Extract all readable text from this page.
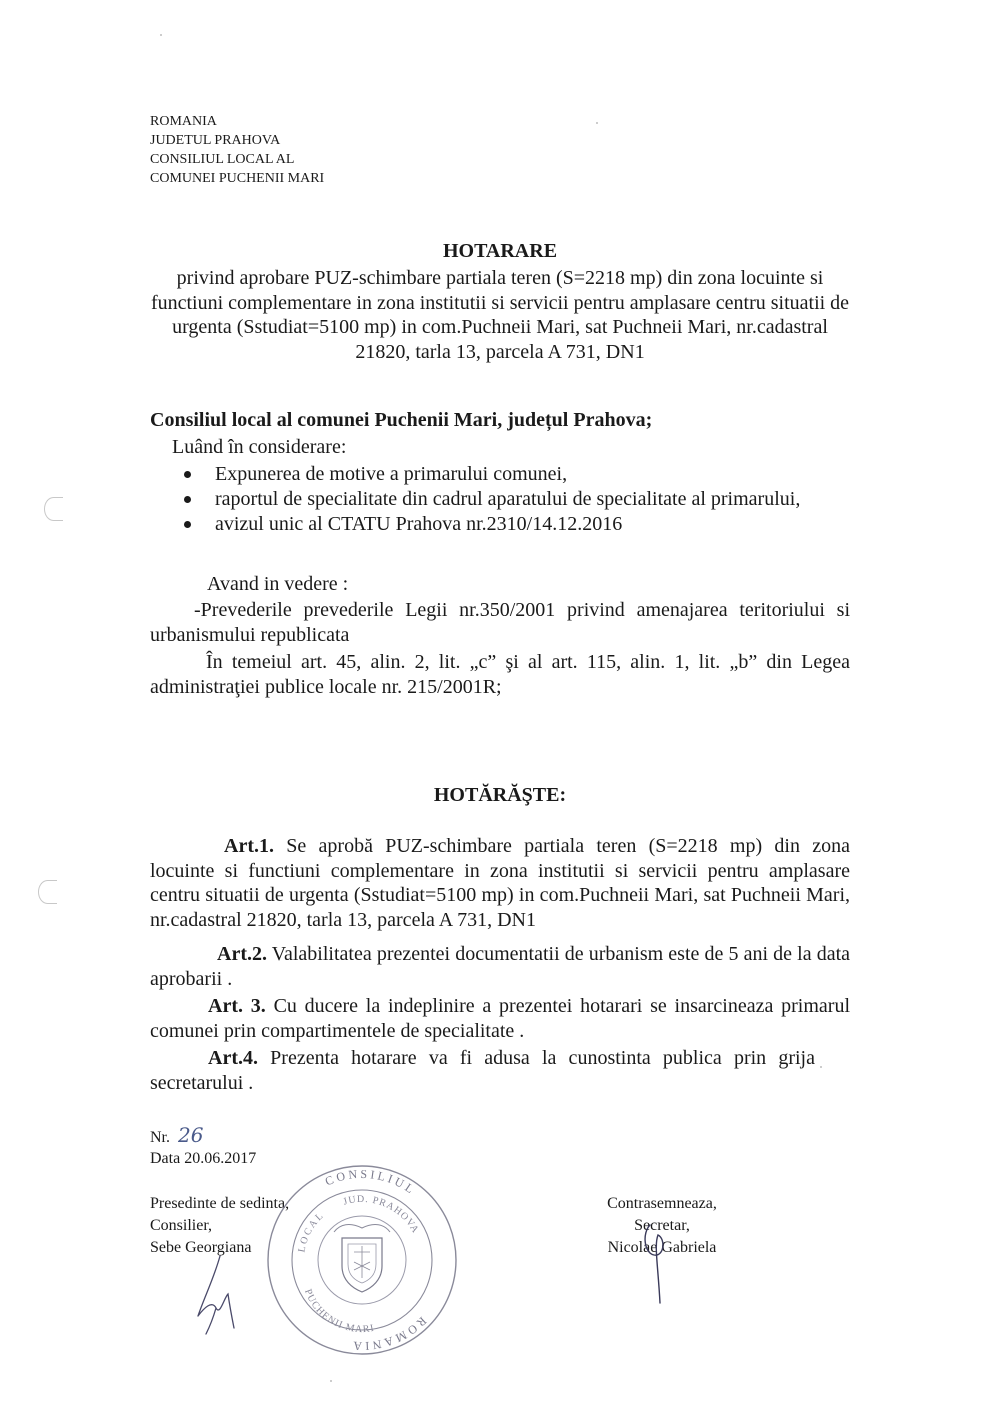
ROMANIA
JUDETUL PRAHOVA
CONSILIUL LOCAL AL
COMUNEI PUCHENII MARI
HOTARARE
privind aprobare PUZ-schimbare partiala teren (S=2218 mp) din zona locuinte si functiuni complementare in zona institutii si servicii pentru amplasare centru situatii de urgenta (Sstudiat=5100 mp) in com.Puchneii Mari, sat Puchneii Mari, nr.cadastral 21820, tarla 13, parcela A 731, DN1
Consiliul local al comunei Puchenii Mari, județul Prahova;
Luând în considerare:
Expunerea de motive a primarului comunei,
raportul de specialitate din cadrul aparatului de specialitate al primarului,
avizul unic al CTATU Prahova nr.2310/14.12.2016
Avand in vedere :
-Prevederile prevederile Legii nr.350/2001 privind amenajarea teritoriului si urbanismului republicata
În temeiul art. 45, alin. 2, lit. „c” şi al art. 115, alin. 1, lit. „b” din Legea administraţiei publice locale nr. 215/2001R;
HOTĂRĂŞTE:
Art.1. Se aprobă PUZ-schimbare partiala teren (S=2218 mp) din zona locuinte si functiuni complementare in zona institutii si servicii pentru amplasare centru situatii de urgenta (Sstudiat=5100 mp) in com.Puchneii Mari, sat Puchneii Mari, nr.cadastral 21820, tarla 13, parcela A 731, DN1
Art.2. Valabilitatea prezentei documentatii de urbanism este de 5 ani de la data aprobarii .
Art. 3. Cu ducere la indeplinire a prezentei hotarari se insarcineaza primarul comunei prin compartimentele de specialitate .
Art.4. Prezenta hotarare va fi adusa la cunostinta publica prin grija secretarului .
Nr. 26
Data 20.06.2017
Presedinte de sedinta,
Consilier,
Sebe Georgiana
Contrasemneaza,
Secretar,
Nicolae Gabriela
CONSILIUL
ROMANIA
JUD. PRAHOVA
LOCAL
PUCHENII MARI
